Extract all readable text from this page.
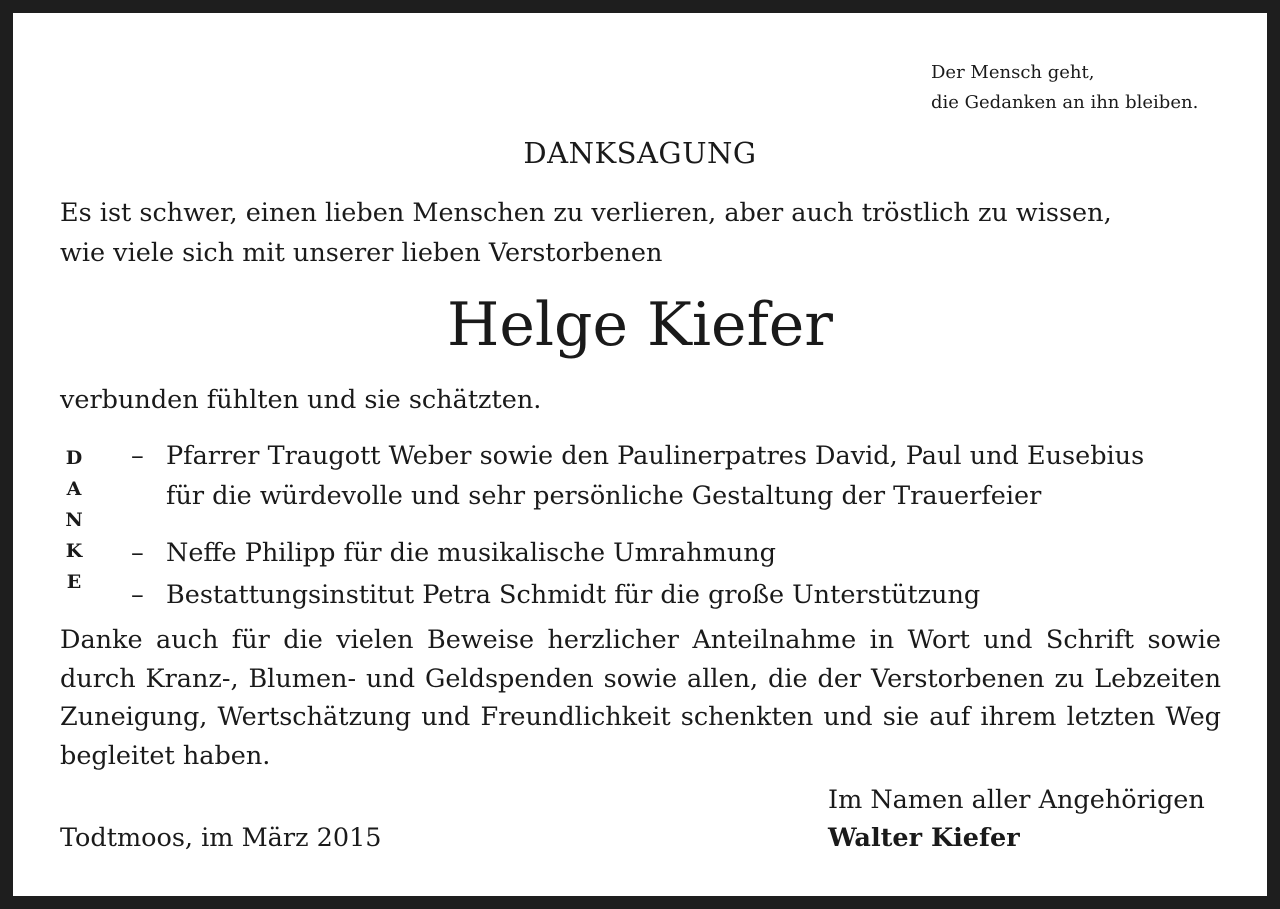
Der Mensch geht,
die Gedanken an ihn bleiben.
DANKSAGUNG
Es ist schwer, einen lieben Menschen zu verlieren, aber auch tröstlich zu wissen,
wie viele sich mit unserer lieben Verstorbenen
Helge Kiefer
verbunden fühlten und sie schätzten.
D
A
N
K
E
– Pfarrer Traugott Weber sowie den Paulinerpatres David, Paul und Eusebius
für die würdevolle und sehr persönliche Gestaltung der Trauerfeier
– Neffe Philipp für die musikalische Umrahmung
– Bestattungsinstitut Petra Schmidt für die große Unterstützung
Danke auch für die vielen Beweise herzlicher Anteilnahme in Wort und Schrift sowie durch Kranz-, Blumen- und Geldspenden sowie allen, die der Verstorbenen zu Lebzeiten Zuneigung, Wertschätzung und Freundlichkeit schenkten und sie auf ihrem letzten Weg begleitet haben.
Im Namen aller Angehörigen
Walter Kiefer
Todtmoos, im März 2015
